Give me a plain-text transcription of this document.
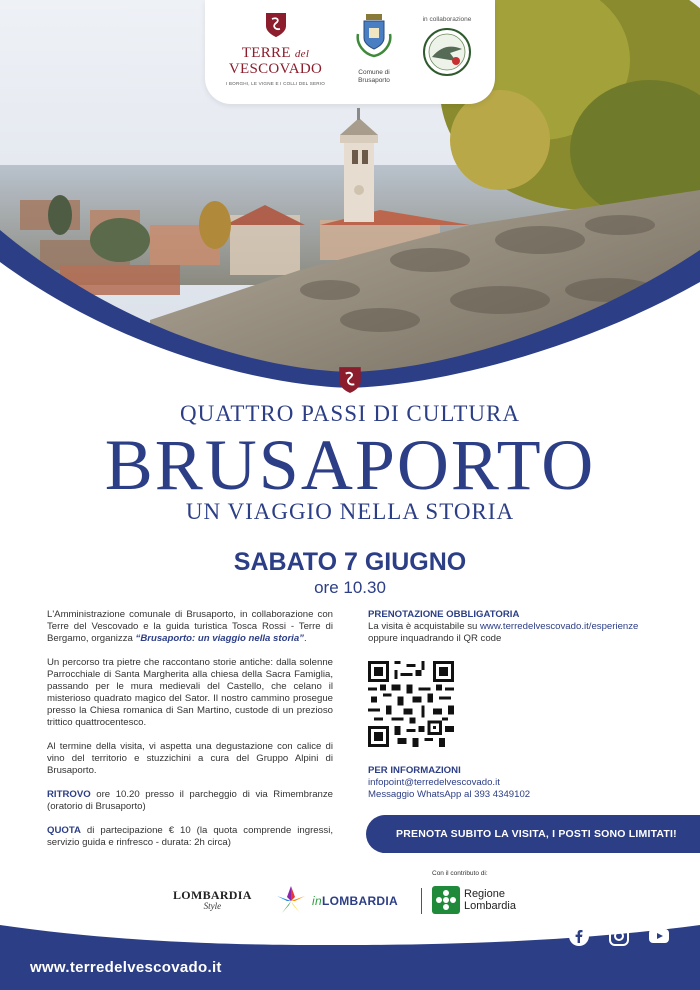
TERRE del
VESCOVADO
I BORGHI, LE VIGNE E I COLLI DEL SERIO
Comune di
Brusaporto
in collaborazione
QUATTRO PASSI DI CULTURA
BRUSAPORTO
UN VIAGGIO NELLA STORIA
SABATO 7 GIUGNO
ore 10.30

L'Amministrazione comunale di Brusaporto, in collaborazione con Terre del Vescovado e la guida turistica Tosca Rossi - Terre di Bergamo, organizza “Brusaporto: un viaggio nella storia”.

Un percorso tra pietre che raccontano storie antiche: dalla solenne Parrocchiale di Santa Margherita alla chiesa della Sacra Famiglia, passando per le mura medievali del Castello, che celano il misterioso quadrato magico del Sator. Il nostro cammino prosegue presso la Chiesa romanica di San Martino, custode di un prezioso trittico quattrocentesco.

Al termine della visita, vi aspetta una degustazione con calice di vino del territorio e stuzzichini a cura del Gruppo Alpini di Brusaporto.

RITROVO ore 10.20 presso il parcheggio di via Rimembranze (oratorio di Brusaporto)

QUOTA di partecipazione € 10 (la quota comprende ingressi, servizio guida e rinfresco - durata: 2h circa)

PRENOTAZIONE OBBLIGATORIA
La visita è acquistabile su www.terredelvescovado.it/esperienze
oppure inquadrando il QR code
PER INFORMAZIONI
infopoint@terredelvescovado.it
Messaggio WhatsApp al 393 4349102
PRENOTA SUBITO LA VISITA, I POSTI SONO LIMITATI!
LOMBARDIA
Style	inLOMBARDIA
Con il contributo di:
Regione
Lombardia
www.terredelvescovado.it
